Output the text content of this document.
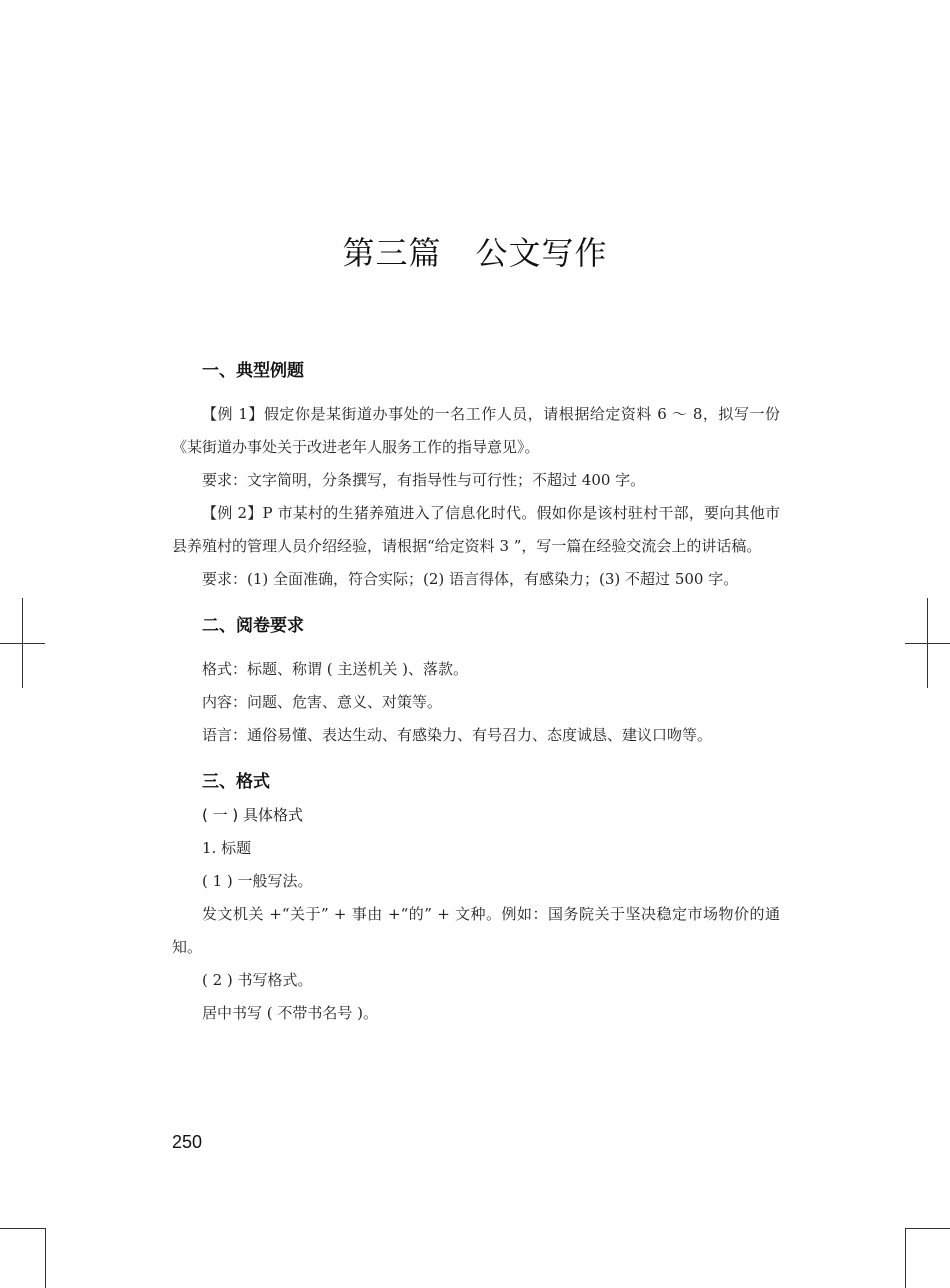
第三篇 公文写作
一、典型例题

【例 1】假定你是某街道办事处的一名工作人员，请根据给定资料 6 ～ 8，拟写一份《某街道办事处关于改进老年人服务工作的指导意见》。

要求：文字简明，分条撰写，有指导性与可行性；不超过 400 字。

【例 2】P 市某村的生猪养殖进入了信息化时代。假如你是该村驻村干部，要向其他市县养殖村的管理人员介绍经验，请根据“给定资料 3 ”，写一篇在经验交流会上的讲话稿。

要求：(1) 全面准确，符合实际；(2) 语言得体，有感染力；(3) 不超过 500 字。

二、阅卷要求

格式：标题、称谓 ( 主送机关 )、落款。

内容：问题、危害、意义、对策等。

语言：通俗易懂、表达生动、有感染力、有号召力、态度诚恳、建议口吻等。

三、格式
( 一 ) 具体格式

1. 标题

( 1 ) 一般写法。

发文机关 +“关于” + 事由 +“的” + 文种。例如：国务院关于坚决稳定市场物价的通知。

( 2 ) 书写格式。

居中书写 ( 不带书名号 )。

250
